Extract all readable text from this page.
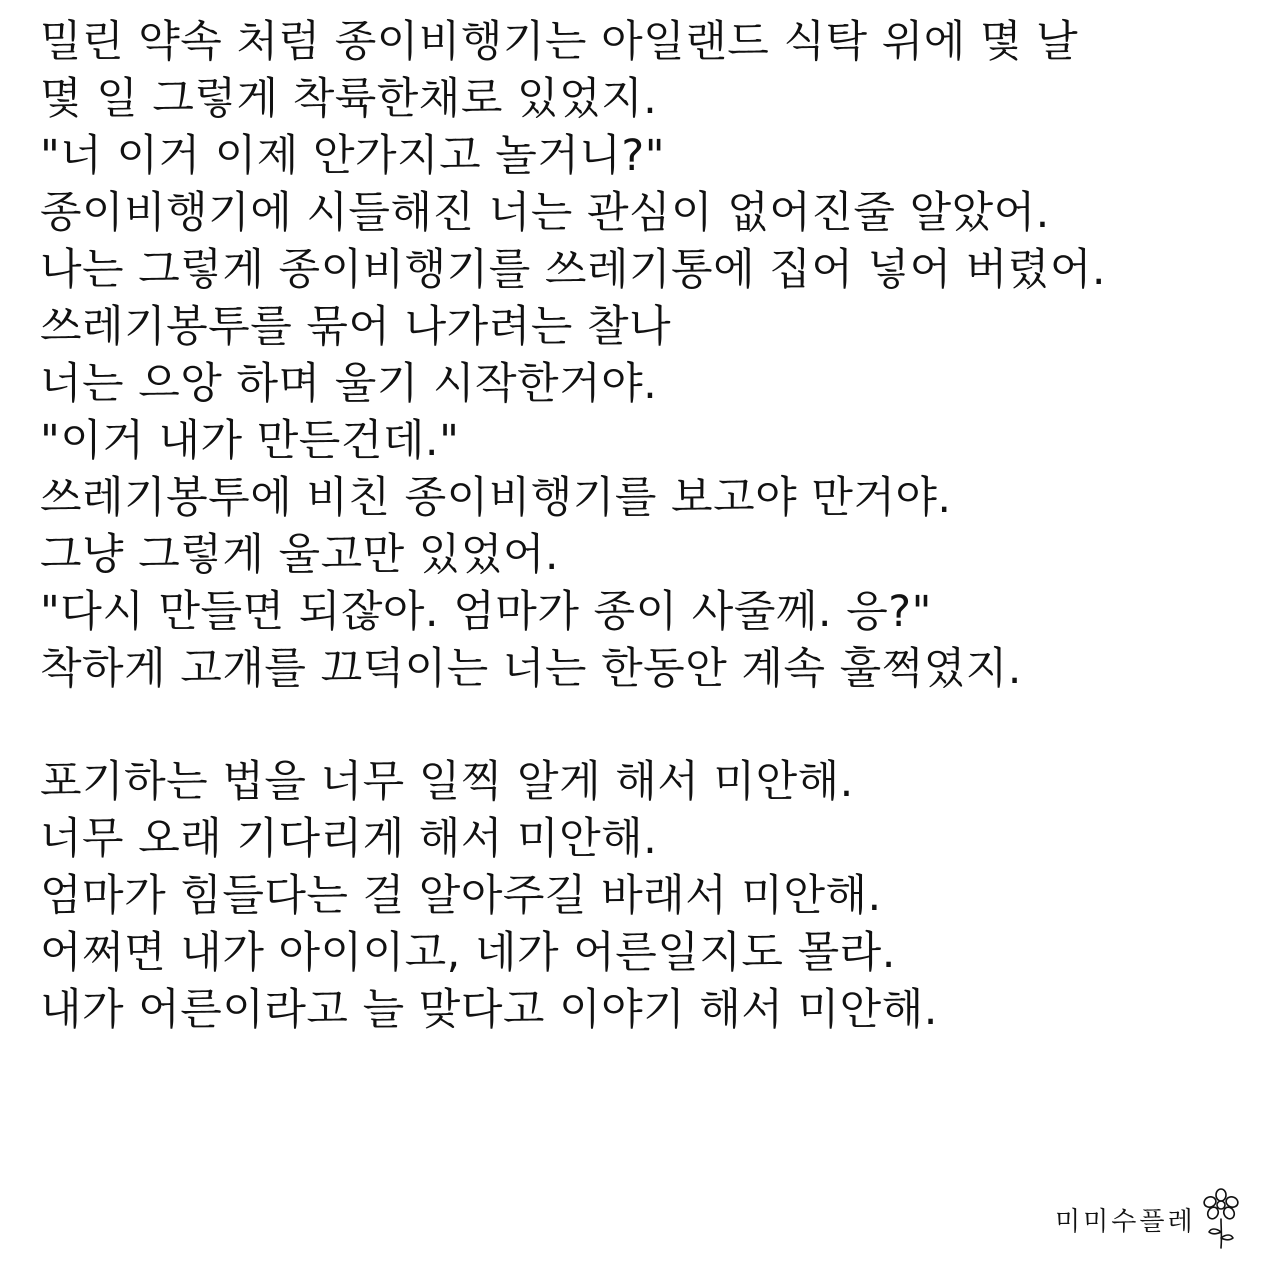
밀린 약속 처럼 종이비행기는 아일랜드 식탁 위에 몇 날
몇 일 그렇게 착륙한채로 있었지.
"너 이거 이제 안가지고 놀거니?"
종이비행기에 시들해진 너는 관심이 없어진줄 알았어.
나는 그렇게 종이비행기를 쓰레기통에 집어 넣어 버렸어.
쓰레기봉투를 묶어 나가려는 찰나
너는 으앙 하며 울기 시작한거야.
"이거 내가 만든건데."
쓰레기봉투에 비친 종이비행기를 보고야 만거야.
그냥 그렇게 울고만 있었어.
"다시 만들면 되잖아. 엄마가 종이 사줄께. 응?"
착하게 고개를 끄덕이는 너는 한동안 계속 훌쩍였지.
포기하는 법을 너무 일찍 알게 해서 미안해.
너무 오래 기다리게 해서 미안해.
엄마가 힘들다는 걸 알아주길 바래서 미안해.
어쩌면 내가 아이이고, 네가 어른일지도 몰라.
내가 어른이라고 늘 맞다고 이야기 해서 미안해.
미미수플레
